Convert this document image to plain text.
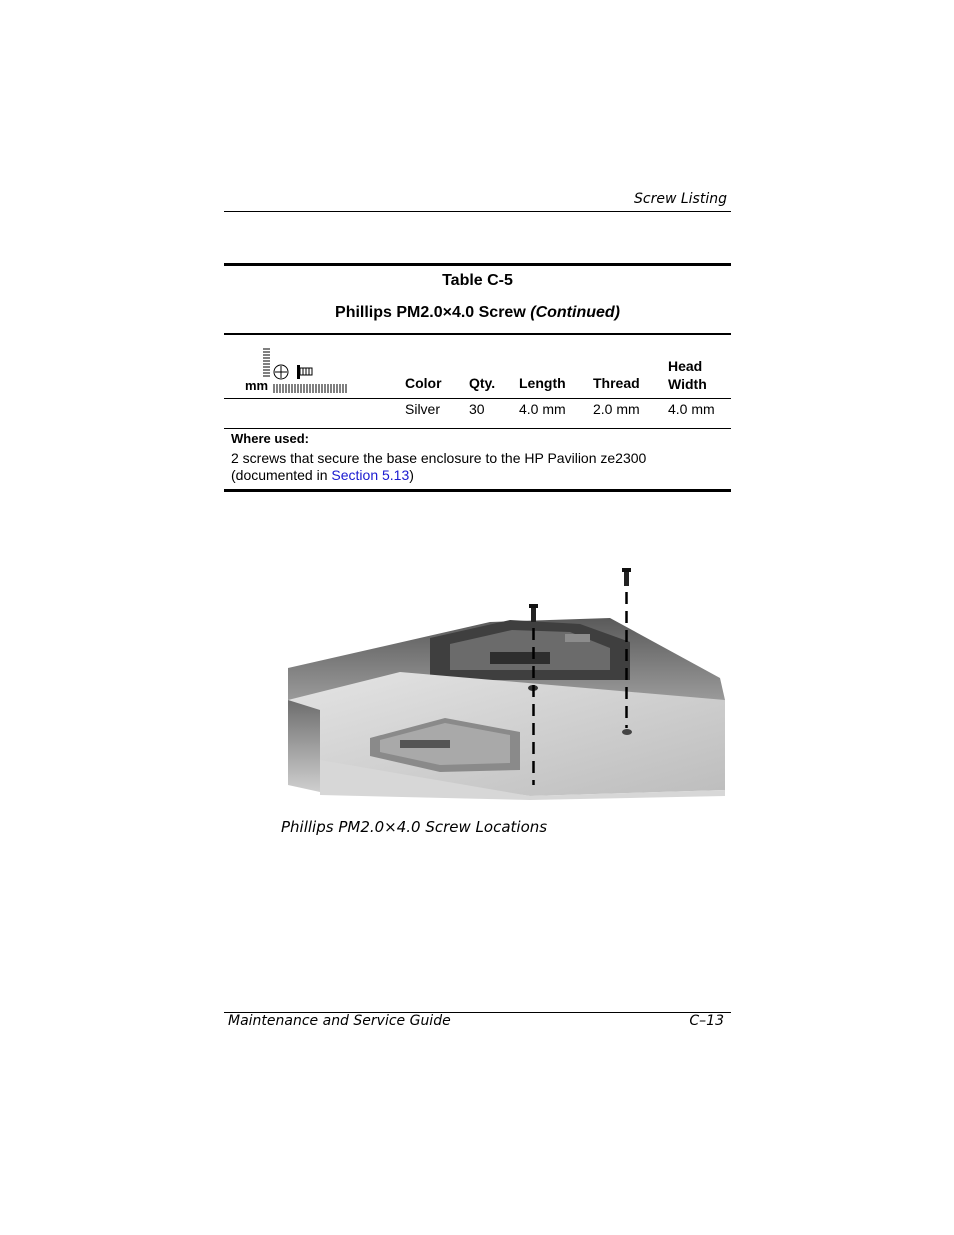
Screw Listing
Table C-5
Phillips PM2.0×4.0 Screw (Continued)
mm	Color Qty. Length Thread
Head
Width
Silver 30 4.0 mm 2.0 mm 4.0 mm
Where used:
2 screws that secure the base enclosure to the HP Pavilion ze2300 (documented in Section 5.13)
Phillips PM2.0×4.0 Screw Locations
Maintenance and Service Guide	C–13
